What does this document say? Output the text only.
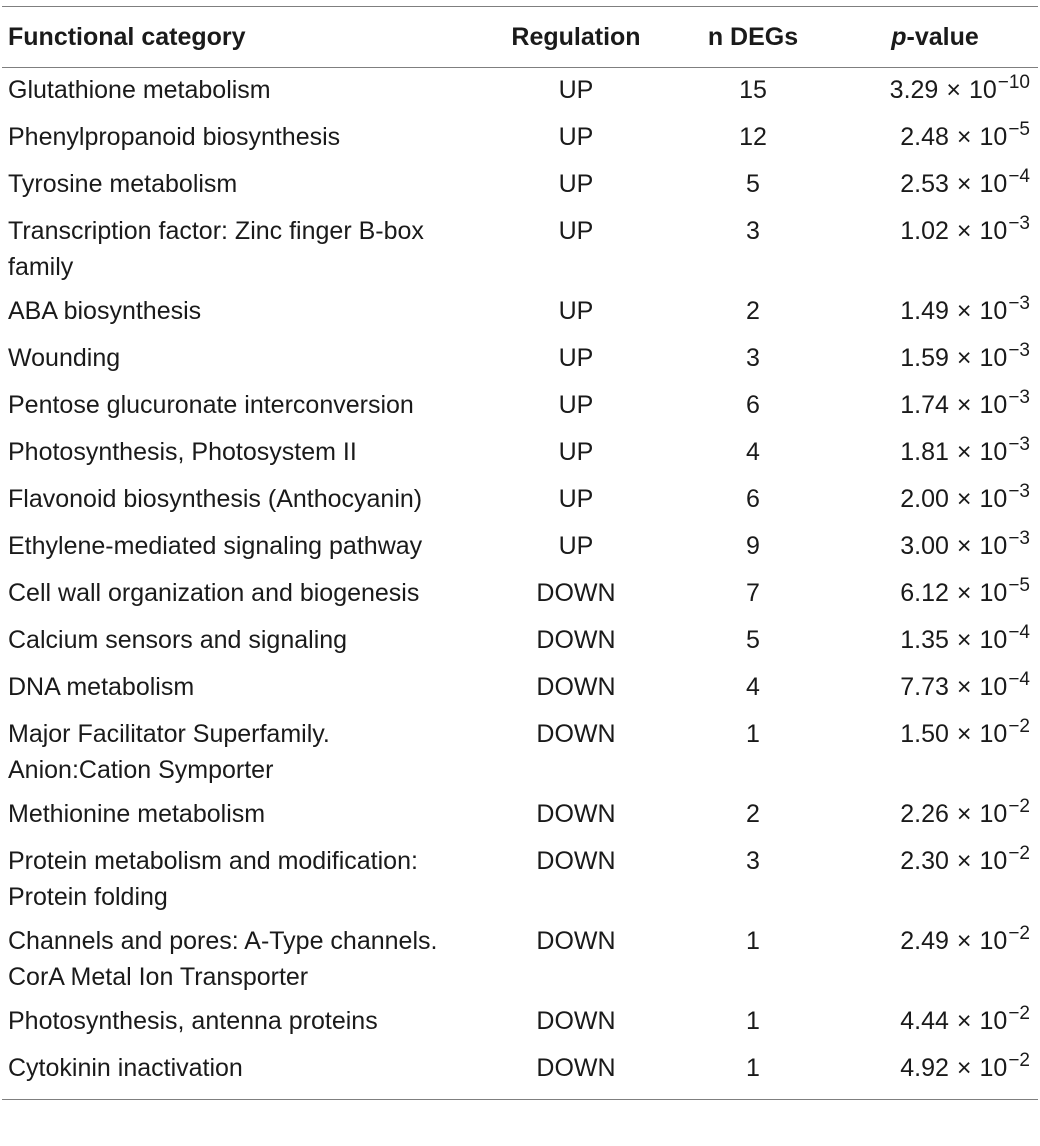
Functional category	Regulation	n DEGs	p-value
Glutathione metabolism	UP	15	$3.29 \times 10^{-10}$
Phenylpropanoid biosynthesis	UP	12	$2.48 \times 10^{-5}$
Tyrosine metabolism	UP	5	$2.53 \times 10^{-4}$
Transcription factor: Zinc finger B-box family	UP	3	$1.02 \times 10^{-3}$
ABA biosynthesis	UP	2	$1.49 \times 10^{-3}$
Wounding	UP	3	$1.59 \times 10^{-3}$
Pentose glucuronate interconversion	UP	6	$1.74 \times 10^{-3}$
Photosynthesis, Photosystem II	UP	4	$1.81 \times 10^{-3}$
Flavonoid biosynthesis (Anthocyanin)	UP	6	$2.00 \times 10^{-3}$
Ethylene-mediated signaling pathway	UP	9	$3.00 \times 10^{-3}$
Cell wall organization and biogenesis	DOWN	7	$6.12 \times 10^{-5}$
Calcium sensors and signaling	DOWN	5	$1.35 \times 10^{-4}$
DNA metabolism	DOWN	4	$7.73 \times 10^{-4}$
Major Facilitator Superfamily. Anion:Cation Symporter	DOWN	1	$1.50 \times 10^{-2}$
Methionine metabolism	DOWN	2	$2.26 \times 10^{-2}$
Protein metabolism and modification: Protein folding	DOWN	3	$2.30 \times 10^{-2}$
Channels and pores: A-Type channels. CorA Metal Ion Transporter	DOWN	1	$2.49 \times 10^{-2}$
Photosynthesis, antenna proteins	DOWN	1	$4.44 \times 10^{-2}$
Cytokinin inactivation	DOWN	1	$4.92 \times 10^{-2}$
